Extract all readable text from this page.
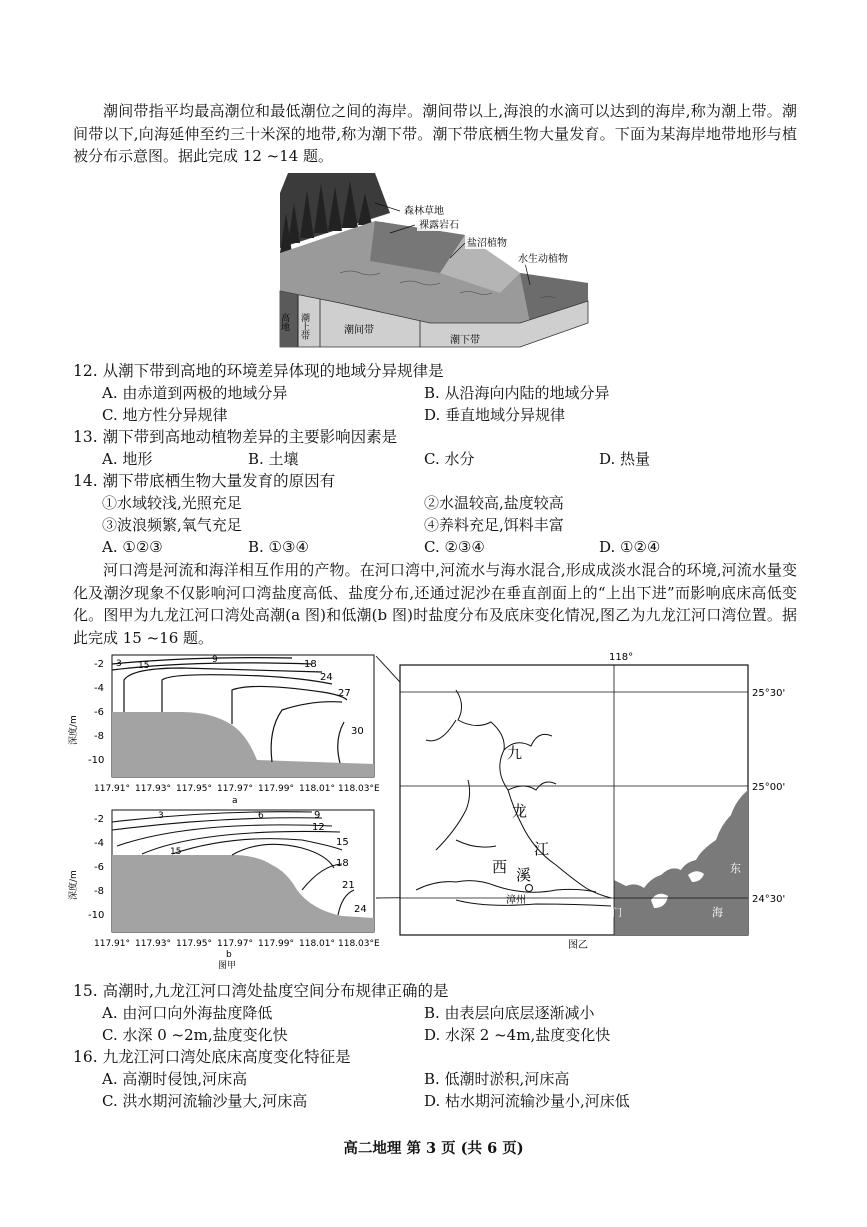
潮间带指平均最高潮位和最低潮位之间的海岸。潮间带以上,海浪的水滴可以达到的海岸,称为潮上带。潮间带以下,向海延伸至约三十米深的地带,称为潮下带。潮下带底栖生物大量发育。下面为某海岸地带地形与植被分布示意图。据此完成 12 ~14 题。
森林草地
裸露岩石
盐沼植物
水生动植物
高地 潮上带	潮间带
潮下带
12. 从潮下带到高地的环境差异体现的地域分异规律是
A. 由赤道到两极的地域分异	B. 从沿海向内陆的地域分异
C. 地方性分异规律	D. 垂直地域分异规律
13. 潮下带到高地动植物差异的主要影响因素是
A. 地形	B. 土壤	C. 水分	D. 热量
14. 潮下带底栖生物大量发育的原因有
①水域较浅,光照充足	②水温较高,盐度较高
③波浪频繁,氧气充足	④养料充足,饵料丰富
A. ①②③	B. ①③④	C. ②③④	D. ①②④
河口湾是河流和海洋相互作用的产物。在河口湾中,河流水与海水混合,形成成淡水混合的环境,河流水量变化及潮汐现象不仅影响河口湾盐度高低、盐度分布,还通过泥沙在垂直剖面上的“上出下进”而影响底床高低变化。图甲为九龙江河口湾处高潮(a 图)和低潮(b 图)时盐度分布及底床变化情况,图乙为九龙江河口湾位置。据此完成 15 ~16 题。
3 15
9	18
24
27
30
-2
-4
-6
-8
-10
深度/m
117.91° 117.93° 117.95° 117.97° 117.99° 118.01° 118.03°E
a
3	6	9
12
15
18
21
24
15
-2
-4
-6
-8
-10
深度/m
117.91° 117.93° 117.95° 117.97° 117.99° 118.01° 118.03°E
b
图甲
118°
25°30'
25°00'
24°30'
九
龙
江
西 溪
漳州
厦门
东
海
图乙
15. 高潮时,九龙江河口湾处盐度空间分布规律正确的是
A. 由河口向外海盐度降低	B. 由表层向底层逐渐减小
C. 水深 0 ~2m,盐度变化快	D. 水深 2 ~4m,盐度变化快
16. 九龙江河口湾处底床高度变化特征是
A. 高潮时侵蚀,河床高	B. 低潮时淤积,河床高
C. 洪水期河流输沙量大,河床高	D. 枯水期河流输沙量小,河床低
高二地理 第 3 页 (共 6 页)
